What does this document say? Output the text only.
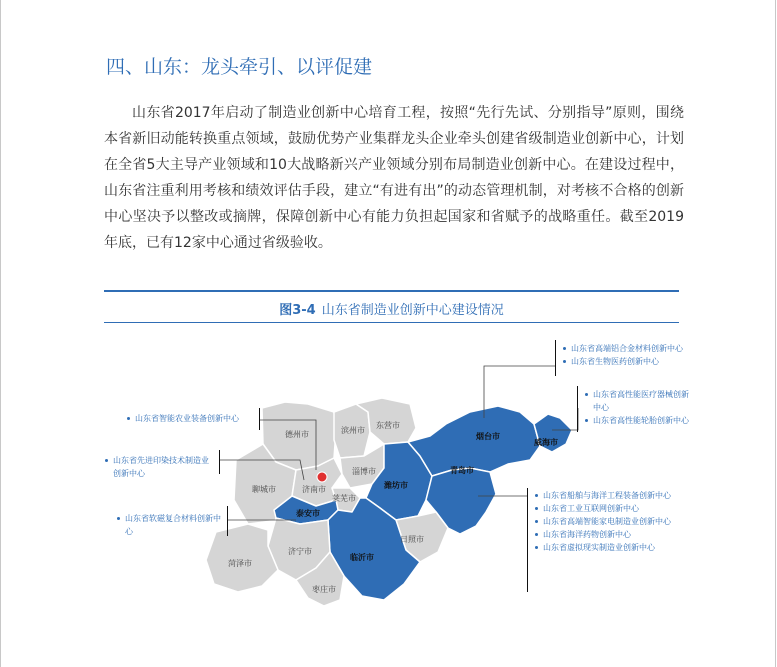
四、山东：龙头牵引、以评促建

山东省2017年启动了制造业创新中心培育工程，按照“先行先试、分别指导”原则，围绕本省新旧动能转换重点领域，鼓励优势产业集群龙头企业牵头创建省级制造业创新中心，计划在全省5大主导产业领域和10大战略新兴产业领域分别布局制造业创新中心。在建设过程中，山东省注重利用考核和绩效评估手段，建立“有进有出”的动态管理机制，对考核不合格的创新中心坚决予以整改或摘牌，保障创新中心有能力负担起国家和省赋予的战略重任。截至2019年底，已有12家中心通过省级验收。

图3-4 山东省制造业创新中心建设情况
德州市	滨州市
东营市
聊城市	济南市
淄博市
莱芜市
日照市
济宁市
菏泽市
枣庄市
泰安市
潍坊市
烟台市
威海市
青岛市
临沂市
山东省高端铝合金材料创新中心
山东省生物医药创新中心
山东省高性能医疗器械创新中心
山东省高性能轮胎创新中心
山东省智能农业装备创新中心
山东省先进印染技术制造业创新中心
山东省软磁复合材料创新中心
山东省船舶与海洋工程装备创新中心
山东省工业互联网创新中心
山东省高端智能家电制造业创新中心
山东省海洋药物创新中心
山东省虚拟现实制造业创新中心
